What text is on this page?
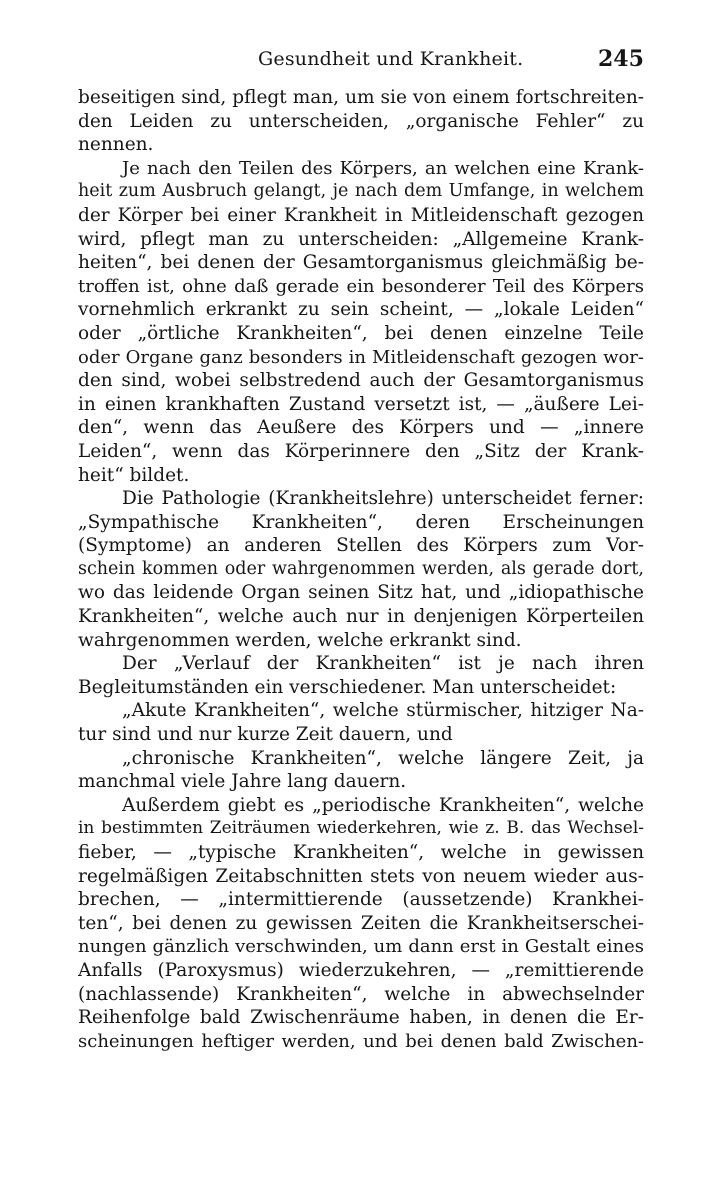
Gesundheit und Krankheit.	245
beseitigen sind, pflegt man, um sie von einem fortschreiten-
den Leiden zu unterscheiden, „organische Fehler“ zu
nennen.
Je nach den Teilen des Körpers, an welchen eine Krank-
heit zum Ausbruch gelangt, je nach dem Umfange, in welchem
der Körper bei einer Krankheit in Mitleidenschaft gezogen
wird, pflegt man zu unterscheiden: „Allgemeine Krank-
heiten“, bei denen der Gesamtorganismus gleichmäßig be-
troffen ist, ohne daß gerade ein besonderer Teil des Körpers
vornehmlich erkrankt zu sein scheint, — „lokale Leiden“
oder „örtliche Krankheiten“, bei denen einzelne Teile
oder Organe ganz besonders in Mitleidenschaft gezogen wor-
den sind, wobei selbstredend auch der Gesamtorganismus
in einen krankhaften Zustand versetzt ist, — „äußere Lei-
den“, wenn das Aeußere des Körpers und — „innere
Leiden“, wenn das Körperinnere den „Sitz der Krank-
heit“ bildet.
Die Pathologie (Krankheitslehre) unterscheidet ferner:
„Sympathische Krankheiten“, deren Erscheinungen
(Symptome) an anderen Stellen des Körpers zum Vor-
schein kommen oder wahrgenommen werden, als gerade dort,
wo das leidende Organ seinen Sitz hat, und „idiopathische
Krankheiten“, welche auch nur in denjenigen Körperteilen
wahrgenommen werden, welche erkrankt sind.
Der „Verlauf der Krankheiten“ ist je nach ihren
Begleitumständen ein verschiedener. Man unterscheidet:
„Akute Krankheiten“, welche stürmischer, hitziger Na-
tur sind und nur kurze Zeit dauern, und
„chronische Krankheiten“, welche längere Zeit, ja
manchmal viele Jahre lang dauern.
Außerdem giebt es „periodische Krankheiten“, welche
in bestimmten Zeiträumen wiederkehren, wie z. B. das Wechsel-
fieber, — „typische Krankheiten“, welche in gewissen
regelmäßigen Zeitabschnitten stets von neuem wieder aus-
brechen, — „intermittierende (aussetzende) Krankhei-
ten“, bei denen zu gewissen Zeiten die Krankheitserschei-
nungen gänzlich verschwinden, um dann erst in Gestalt eines
Anfalls (Paroxysmus) wiederzukehren, — „remittierende
(nachlassende) Krankheiten“, welche in abwechselnder
Reihenfolge bald Zwischenräume haben, in denen die Er-
scheinungen heftiger werden, und bei denen bald Zwischen-
